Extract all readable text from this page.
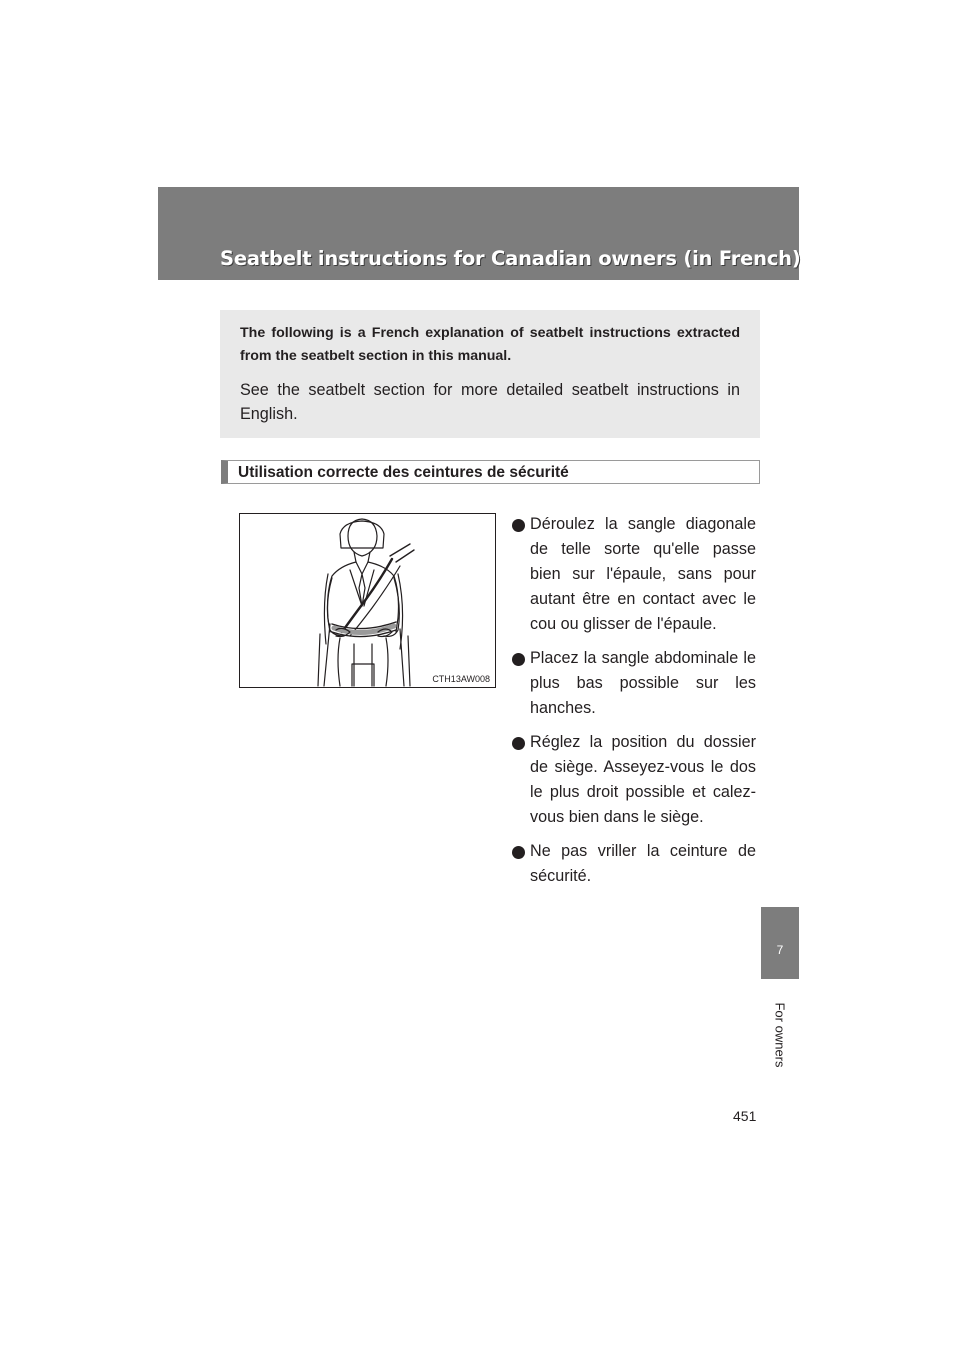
Seatbelt instructions for Canadian owners (in French)

The following is a French explanation of seatbelt instructions extracted from the seatbelt section in this manual.

See the seatbelt section for more detailed seatbelt instructions in English.

Utilisation correcte des ceintures de sécurité
CTH13AW008
Déroulez la sangle diagonale de telle sorte qu'elle passe bien sur l'épaule, sans pour autant être en contact avec le cou ou glisser de l'épaule.
Placez la sangle abdominale le plus bas possible sur les hanches.
Réglez la position du dossier de siège. Asseyez-vous le dos le plus droit possible et calez-vous bien dans le siège.
Ne pas vriller la ceinture de sécurité.
7
For owners
451
